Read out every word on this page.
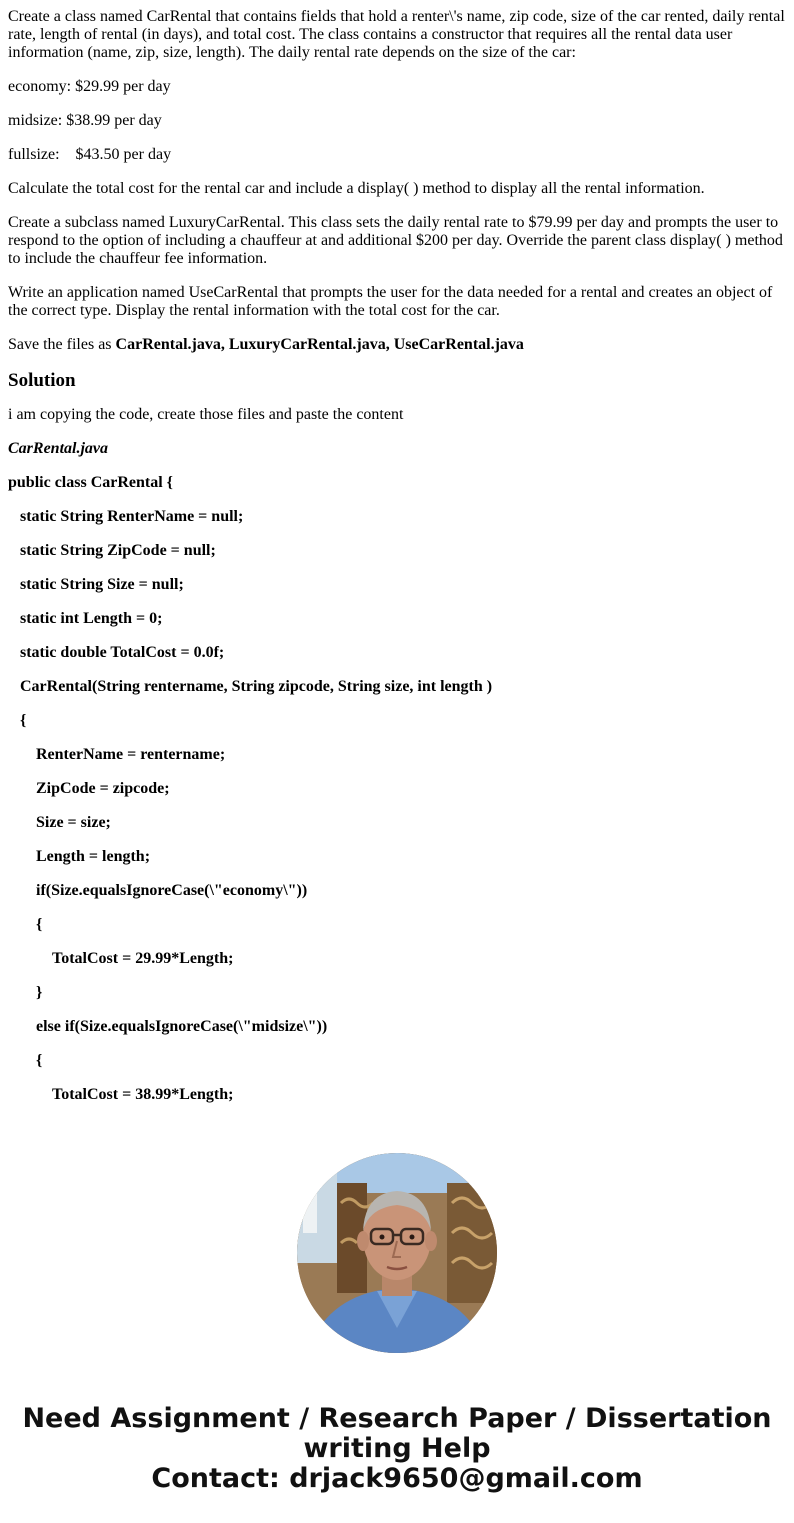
Create a class named CarRental that contains fields that hold a renter\'s name, zip code, size of the car rented, daily rental rate, length of rental (in days), and total cost. The class contains a constructor that requires all the rental data user information (name, zip, size, length). The daily rental rate depends on the size of the car:

economy: $29.99 per day

midsize: $38.99 per day

fullsize:    $43.50 per day

Calculate the total cost for the rental car and include a display( ) method to display all the rental information.

Create a subclass named LuxuryCarRental. This class sets the daily rental rate to $79.99 per day and prompts the user to respond to the option of including a chauffeur at and additional $200 per day. Override the parent class display( ) method to include the chauffeur fee information.

Write an application named UseCarRental that prompts the user for the data needed for a rental and creates an object of the correct type. Display the rental information with the total cost for the car.

Save the files as CarRental.java, LuxuryCarRental.java, UseCarRental.java

Solution

i am copying the code, create those files and paste the content

CarRental.java

public class CarRental {

static String RenterName = null;

static String ZipCode = null;

static String Size = null;

static int Length = 0;

static double TotalCost = 0.0f;

CarRental(String rentername, String zipcode, String size, int length )

{

RenterName = rentername;

ZipCode = zipcode;

Size = size;

Length = length;

if(Size.equalsIgnoreCase(\"economy\"))

{

TotalCost = 29.99*Length;

}

else if(Size.equalsIgnoreCase(\"midsize\"))

{

TotalCost = 38.99*Length;

Need Assignment / Research Paper / Dissertation
writing Help
Contact: drjack9650@gmail.com
